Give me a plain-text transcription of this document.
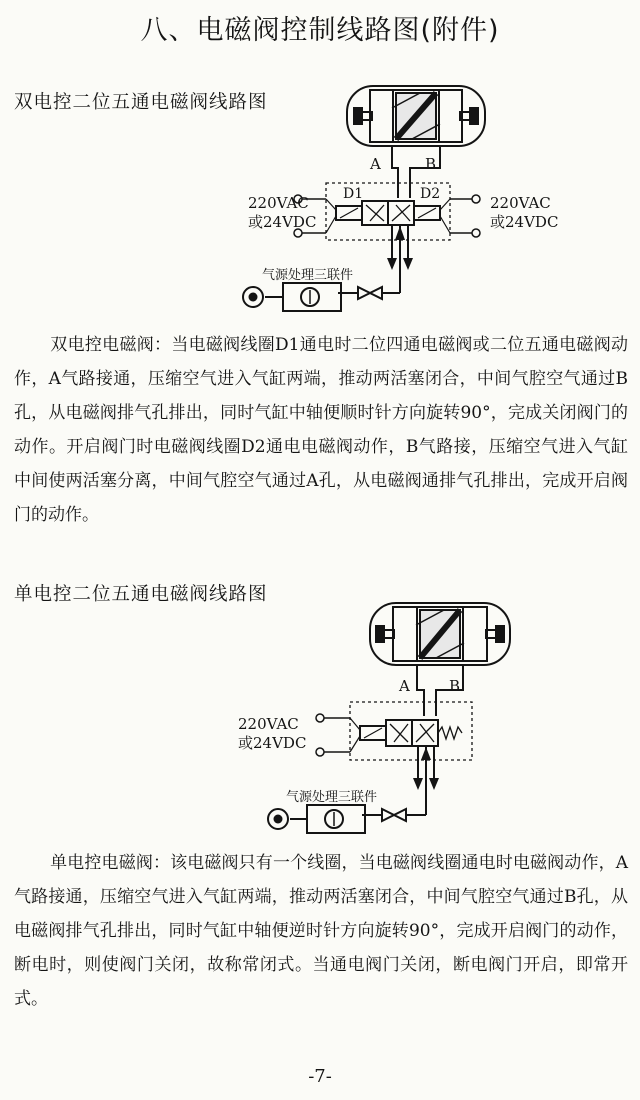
八、电磁阀控制线路图(附件)
双电控二位五通电磁阀线路图
A	B
D1	D2
220VAC
或24VDC
220VAC
或24VDC
气源处理三联件

双电控电磁阀：当电磁阀线圈D1通电时二位四通电磁阀或二位五通电磁阀动作，A气路接通，压缩空气进入气缸两端，推动两活塞闭合，中间气腔空气通过B孔，从电磁阀排气孔排出，同时气缸中轴便顺时针方向旋转90°，完成关闭阀门的动作。开启阀门时电磁阀线圈D2通电电磁阀动作，B气路接，压缩空气进入气缸中间使两活塞分离，中间气腔空气通过A孔，从电磁阀通排气孔排出，完成开启阀门的动作。

单电控二位五通电磁阀线路图
A	B
220VAC
或24VDC
气源处理三联件

单电控电磁阀：该电磁阀只有一个线圈，当电磁阀线圈通电时电磁阀动作，A气路接通，压缩空气进入气缸两端，推动两活塞闭合，中间气腔空气通过B孔，从电磁阀排气孔排出，同时气缸中轴便逆时针方向旋转90°，完成开启阀门的动作，断电时，则使阀门关闭，故称常闭式。当通电阀门关闭，断电阀门开启，即常开式。

-7-
